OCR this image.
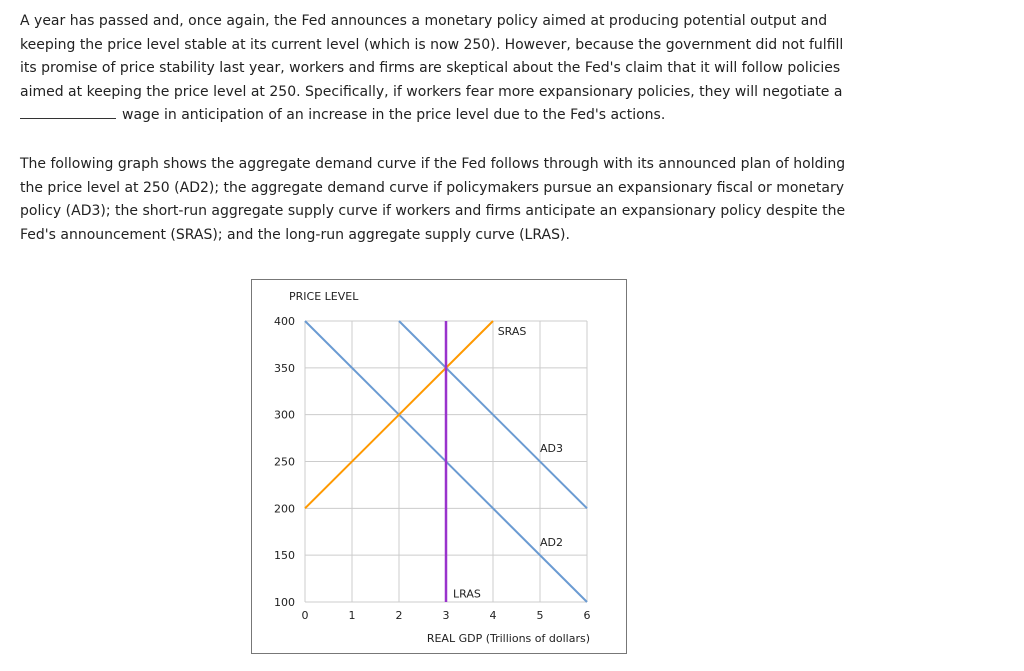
A year has passed and, once again, the Fed announces a monetary policy aimed at producing potential output and
keeping the price level stable at its current level (which is now 250). However, because the government did not fulfill
its promise of price stability last year, workers and firms are skeptical about the Fed's claim that it will follow policies
aimed at keeping the price level at 250. Specifically, if workers fear more expansionary policies, they will negotiate a
wage in anticipation of an increase in the price level due to the Fed's actions.
The following graph shows the aggregate demand curve if the Fed follows through with its announced plan of holding
the price level at 250 (AD2); the aggregate demand curve if policymakers pursue an expansionary fiscal or monetary
policy (AD3); the short-run aggregate supply curve if workers and firms anticipate an expansionary policy despite the
Fed's announcement (SRAS); and the long-run aggregate supply curve (LRAS).
AD2
AD3
SRAS
LRAS
0	1	2	3	4	5	6
100
150
200
250
300
350
400
PRICE LEVEL
REAL GDP (Trillions of dollars)
